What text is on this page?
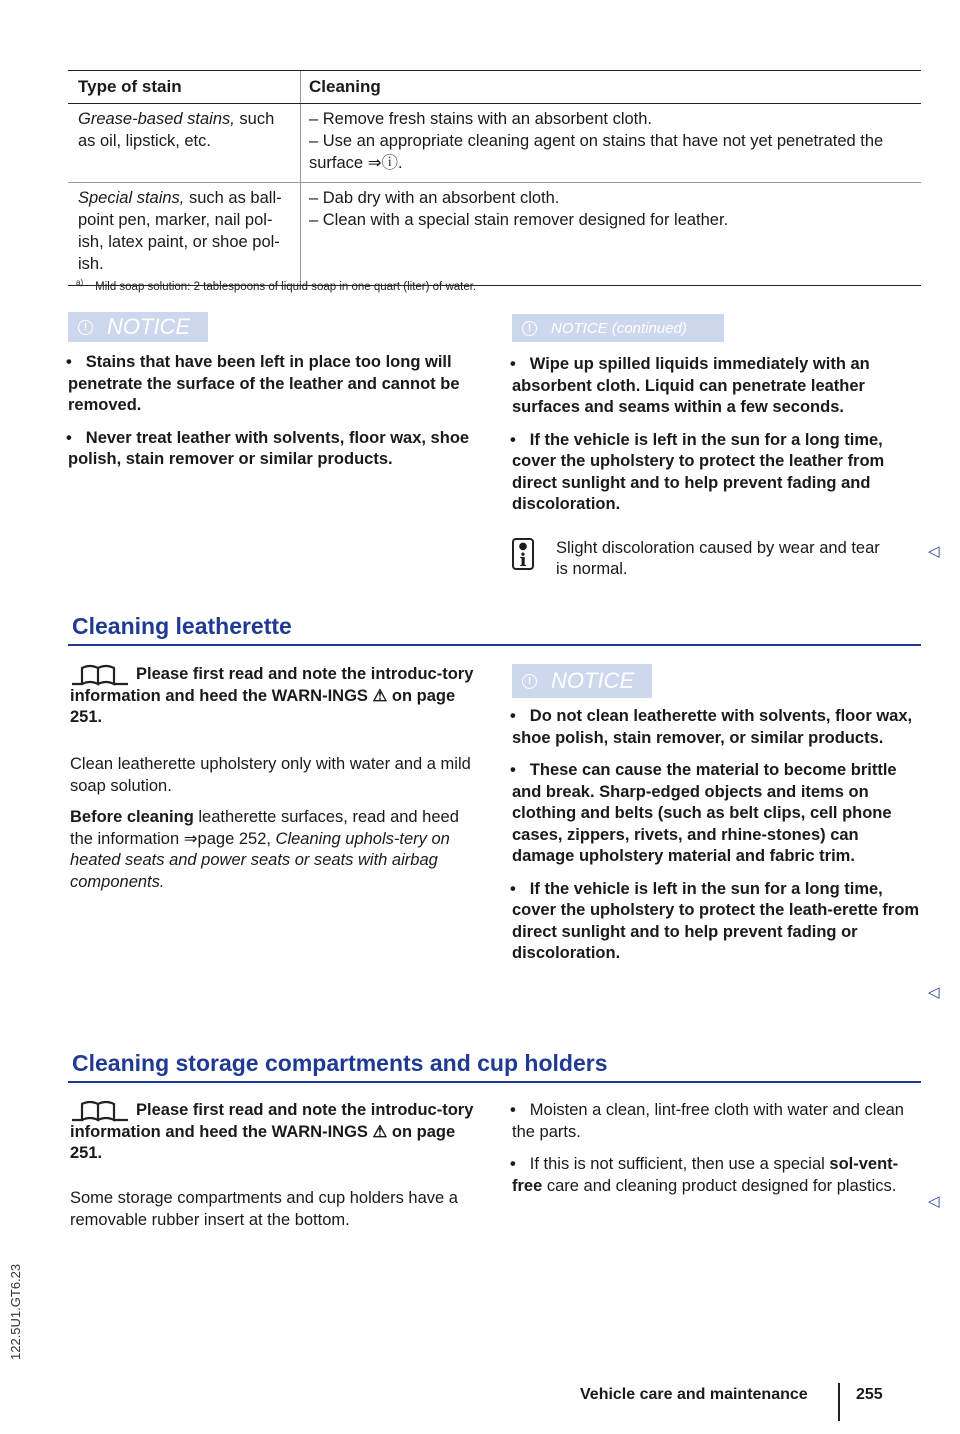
Type of stain	Cleaning
Grease-based stains, such as oil, lipstick, etc.
– Remove fresh stains with an absorbent cloth.
– Use an appropriate cleaning agent on stains that have not yet penetrated the surface ⇒ⓘ.
Special stains, such as ball-point pen, marker, nail pol-ish, latex paint, or shoe pol-ish.
– Dab dry with an absorbent cloth.
– Clean with a special stain remover designed for leather.
$^{a)}$ Mild soap solution: 2 tablespoons of liquid soap in one quart (liter) of water.
! NOTICE
• Stains that have been left in place too long will penetrate the surface of the leather and cannot be removed.
• Never treat leather with solvents, floor wax, shoe polish, stain remover or similar products.
!	NOTICE (continued)
• Wipe up spilled liquids immediately with an absorbent cloth. Liquid can penetrate leather surfaces and seams within a few seconds.
• If the vehicle is left in the sun for a long time, cover the upholstery to protect the leather from direct sunlight and to help prevent fading and discoloration.
●
i
Slight discoloration caused by wear and tear is normal.
◁
Cleaning leatherette
Please first read and note the introduc-tory information and heed the WARN-INGS ⚠ on page 251.
Clean leatherette upholstery only with water and a mild soap solution.
Before cleaning leatherette surfaces, read and heed the information ⇒page 252, Cleaning uphols-tery on heated seats and power seats or seats with airbag components.
! NOTICE
• Do not clean leatherette with solvents, floor wax, shoe polish, stain remover, or similar products.
• These can cause the material to become brittle and break. Sharp-edged objects and items on clothing and belts (such as belt clips, cell phone cases, zippers, rivets, and rhine-stones) can damage upholstery material and fabric trim.
• If the vehicle is left in the sun for a long time, cover the upholstery to protect the leath-erette from direct sunlight and to help prevent fading or discoloration.
◁
Cleaning storage compartments and cup holders
Please first read and note the introduc-tory information and heed the WARN-INGS ⚠ on page 251.
Some storage compartments and cup holders have a removable rubber insert at the bottom.
• Moisten a clean, lint-free cloth with water and clean the parts.
• If this is not sufficient, then use a special sol-vent-free care and cleaning product designed for plastics.
◁
122.5U1.GT6.23
Vehicle care and maintenance	255
